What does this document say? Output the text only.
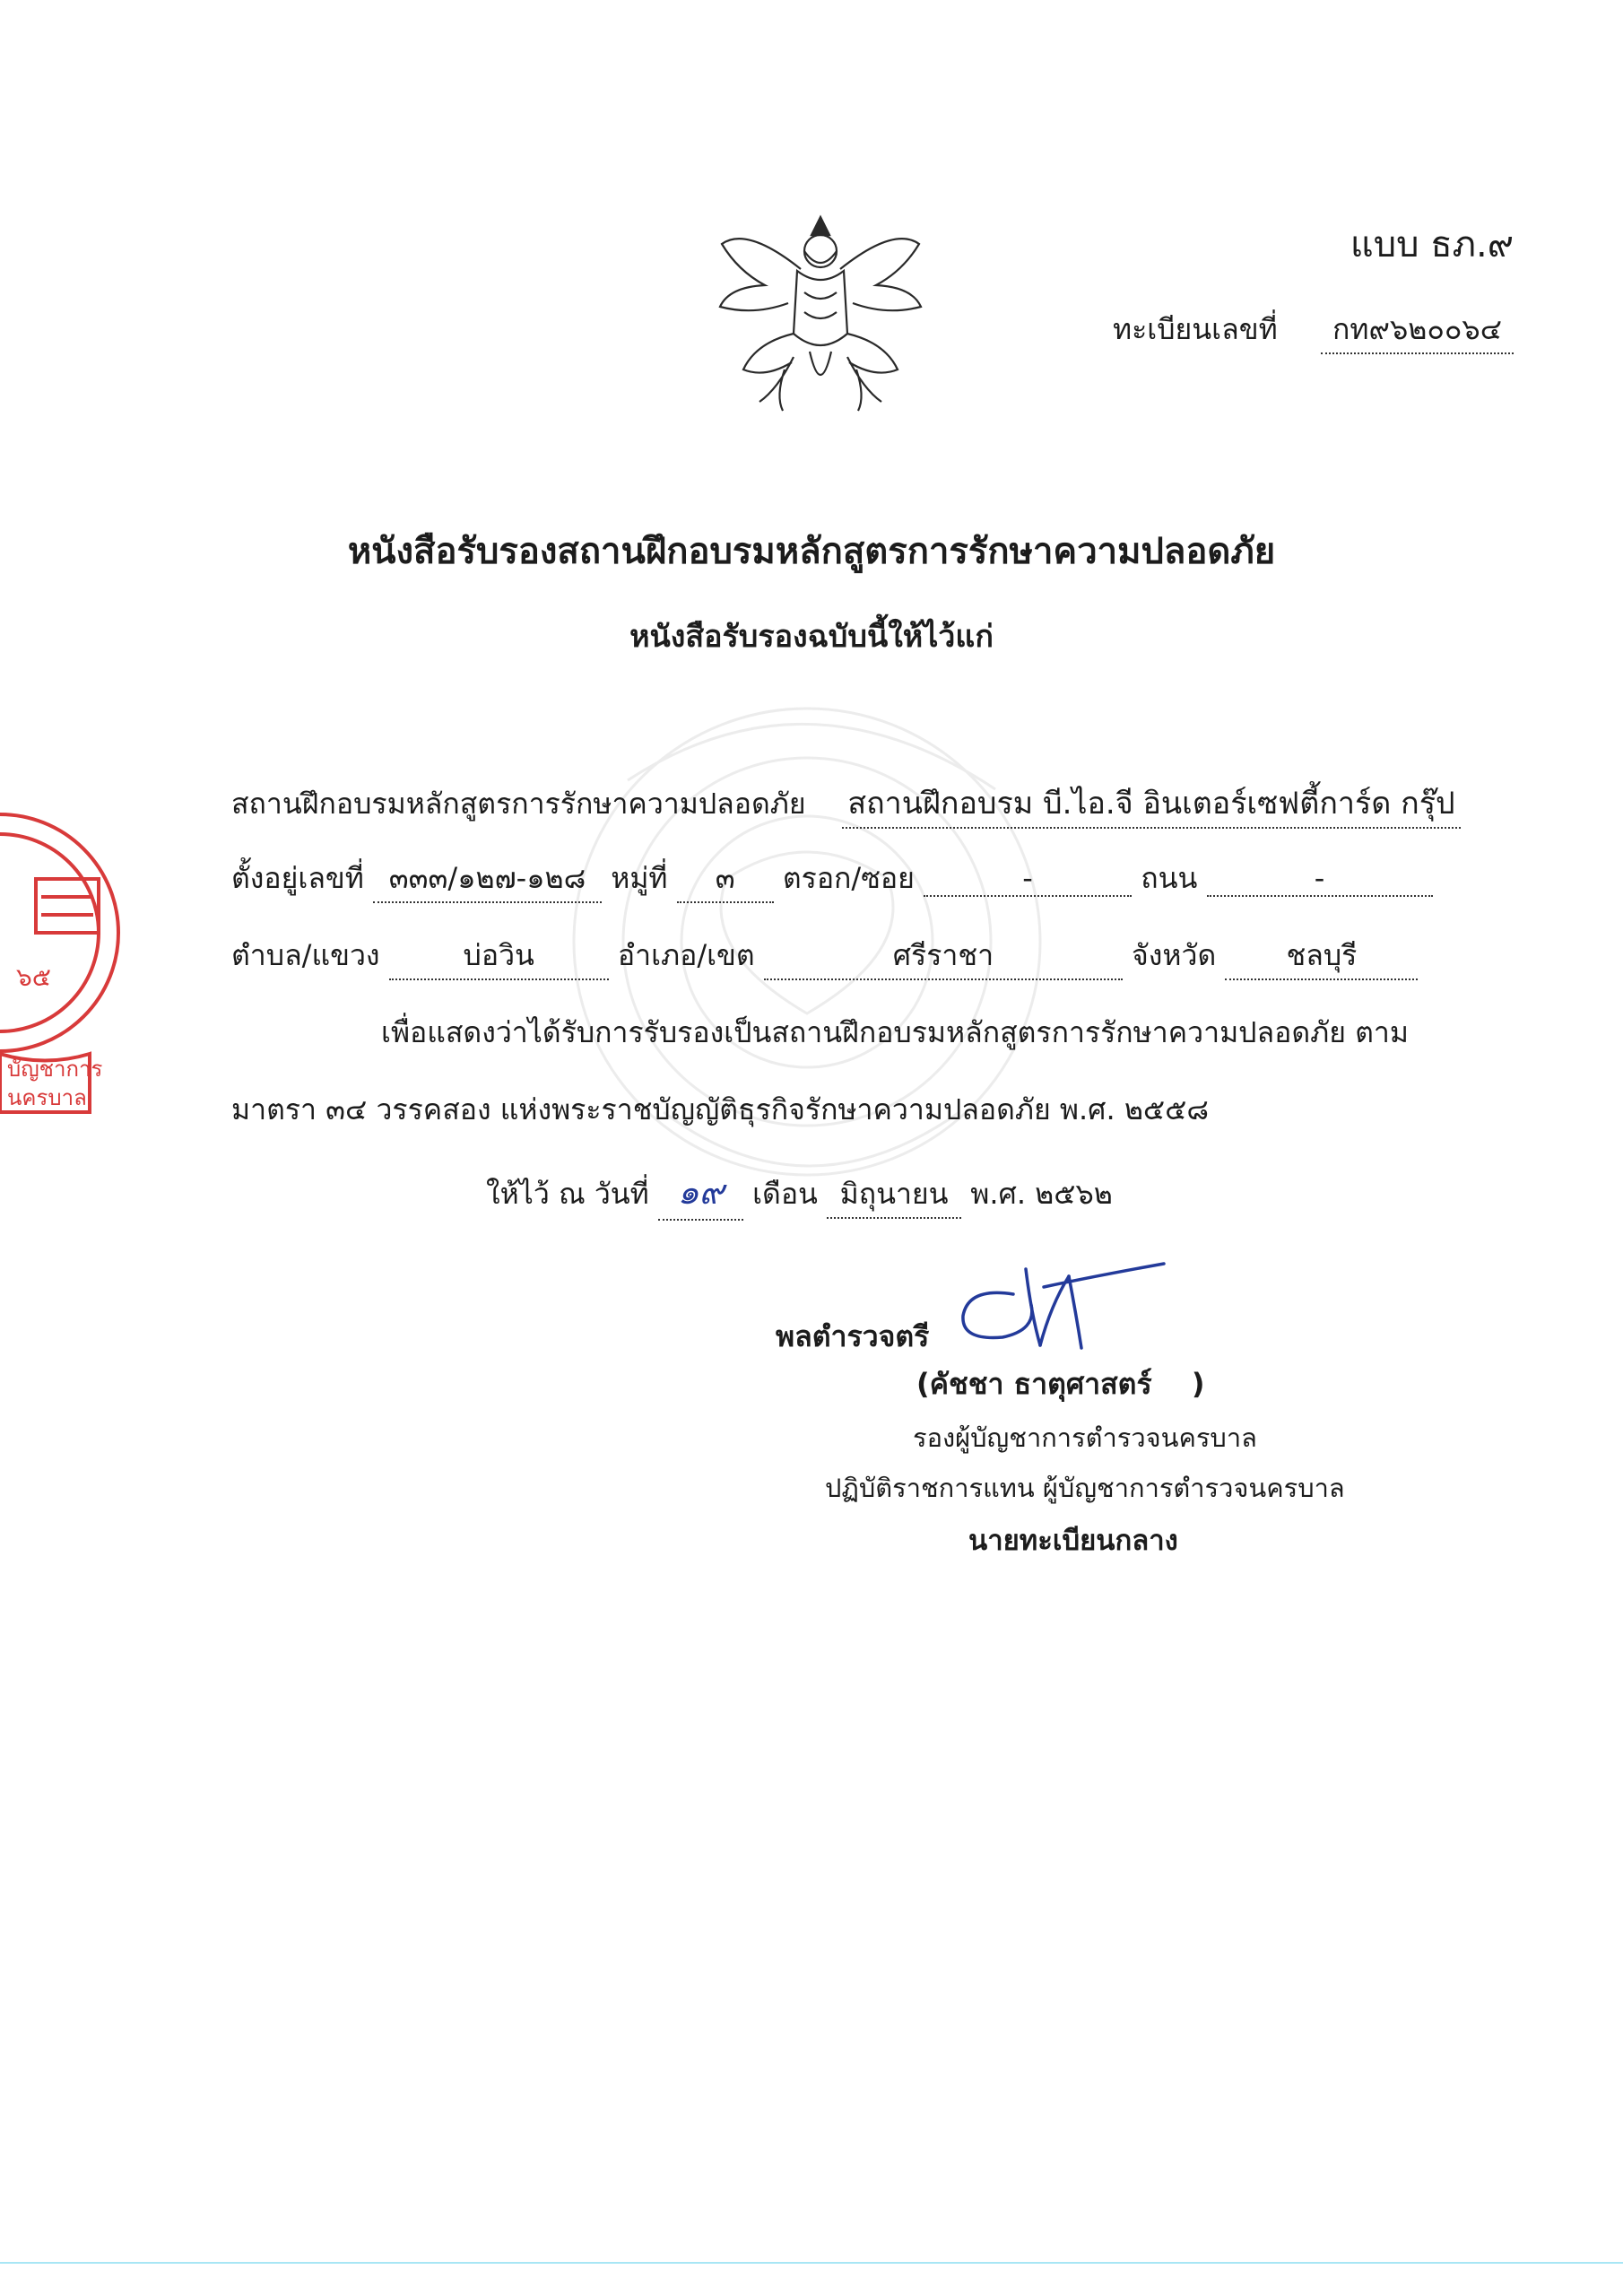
แบบ ธภ.๙
ทะเบียนเลขที่ กท๙๖๒๐๐๖๔
หนังสือรับรองสถานฝึกอบรมหลักสูตรการรักษาความปลอดภัย
หนังสือรับรองฉบับนี้ให้ไว้แก่
สถานฝึกอบรมหลักสูตรการรักษาความปลอดภัย สถานฝึกอบรม บี.ไอ.จี อินเตอร์เซฟตี้การ์ด กรุ๊ป
ตั้งอยู่เลขที่ ๓๓๓/๑๒๗-๑๒๘ หมู่ที่ ๓ ตรอก/ซอย	-	ถนน	-
ตำบล/แขวง	บ่อวิน	อำเภอ/เขต	ศรีราชา	จังหวัด ชลบุรี
เพื่อแสดงว่าได้รับการรับรองเป็นสถานฝึกอบรมหลักสูตรการรักษาความปลอดภัย ตาม
มาตรา ๓๔ วรรคสอง แห่งพระราชบัญญัติธุรกิจรักษาความปลอดภัย พ.ศ. ๒๕๕๘
ให้ไว้ ณ วันที่ ๑๙ เดือน มิถุนายน พ.ศ. ๒๕๖๒
พลตำรวจตรี
(คัชชา ธาตุศาสตร์ )
รองผู้บัญชาการตำรวจนครบาล
ปฏิบัติราชการแทน ผู้บัญชาการตำรวจนครบาล
นายทะเบียนกลาง
๖๕
บัญชาการ
นครบาล
